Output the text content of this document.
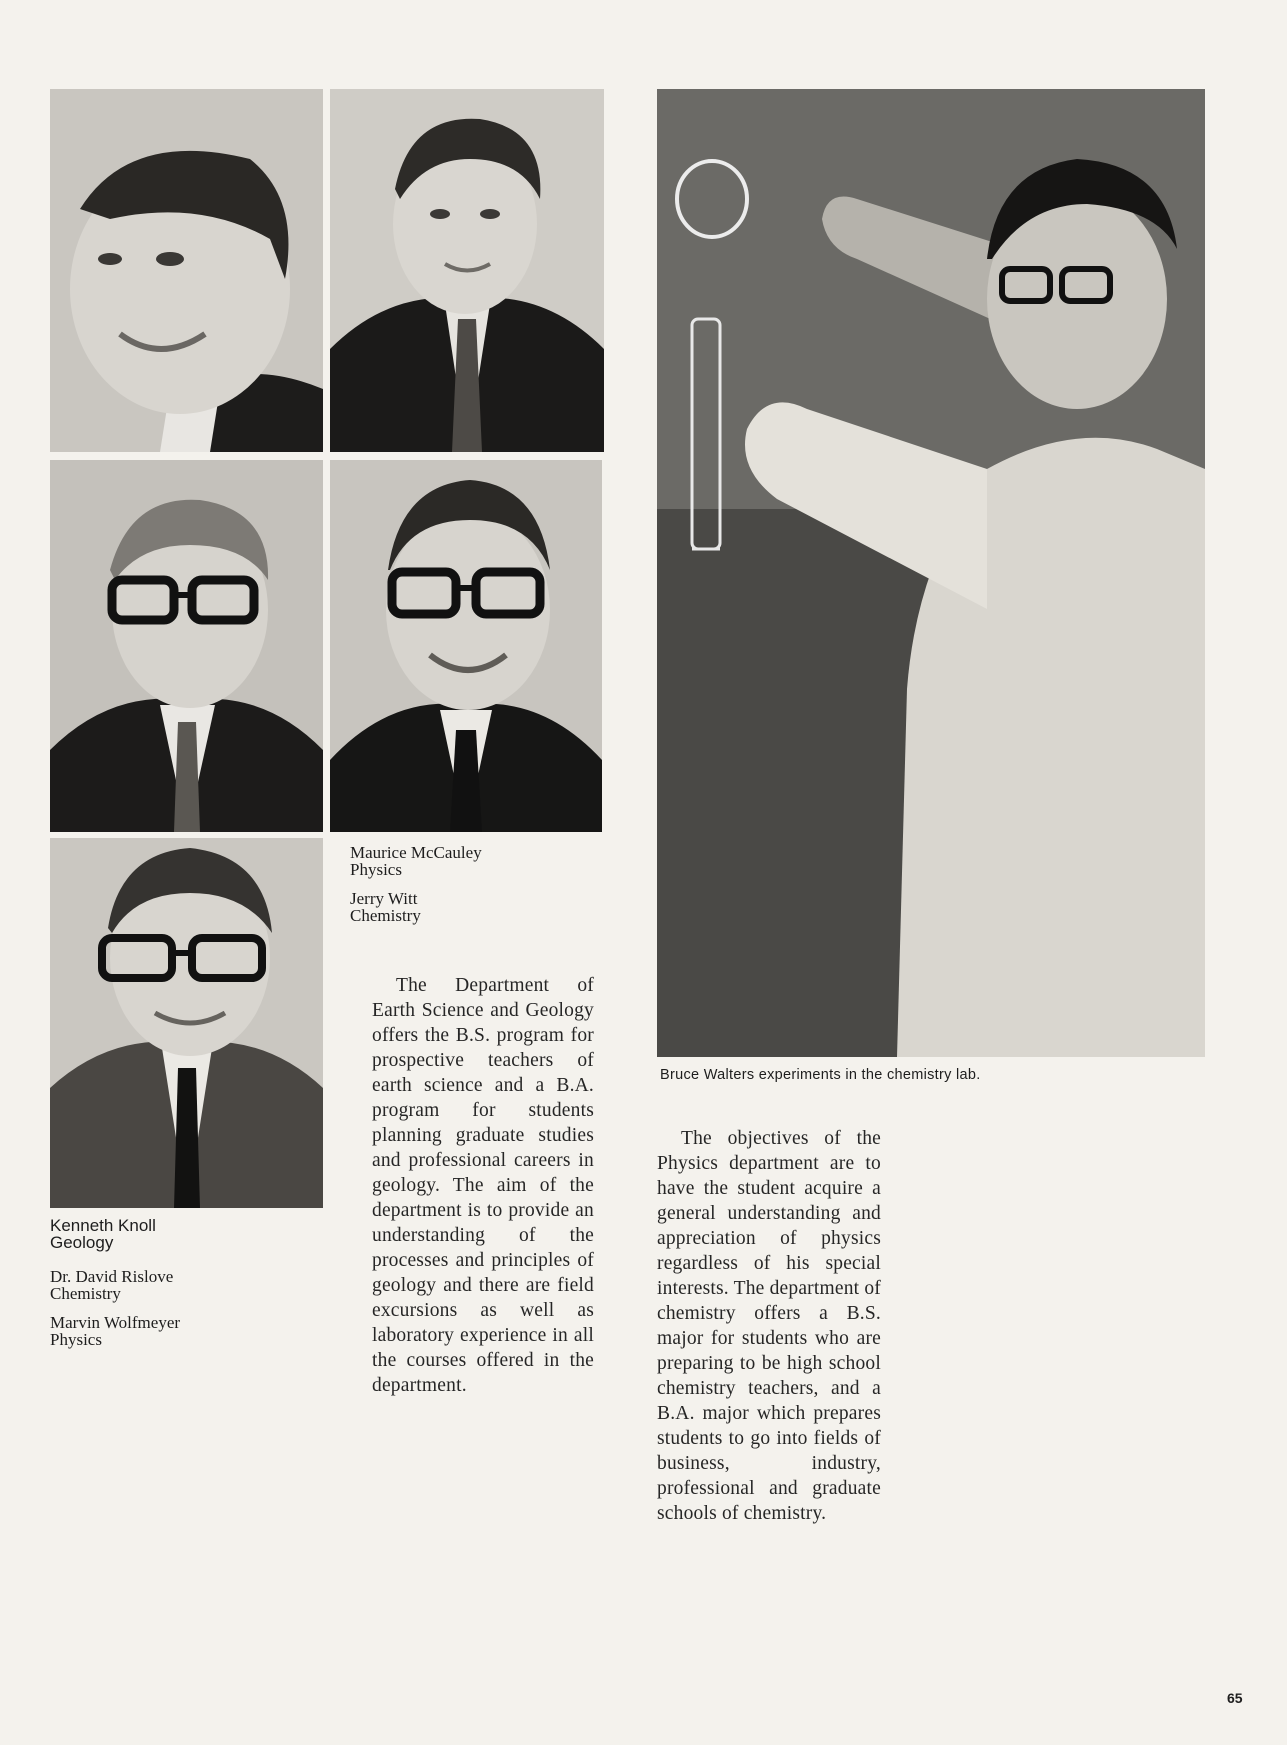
Maurice McCauley
Physics
Jerry Witt
Chemistry
Kenneth Knoll
Geology
Dr. David Rislove
Chemistry
Marvin Wolfmeyer
Physics

The Department of Earth Science and Geology offers the B.S. program for prospective teachers of earth science and a B.A. program for students planning graduate studies and professional careers in geology. The aim of the department is to provide an understanding of the processes and principles of geology and there are field excursions as well as laboratory experience in all the courses offered in the department.

Bruce Walters experiments in the chemistry lab.

The objectives of the Physics department are to have the student acquire a general understanding and appreciation of physics regardless of his special interests. The department of chemistry offers a B.S. major for students who are preparing to be high school chemistry teachers, and a B.A. major which prepares students to go into fields of business, industry, professional and graduate schools of chemistry.

65
